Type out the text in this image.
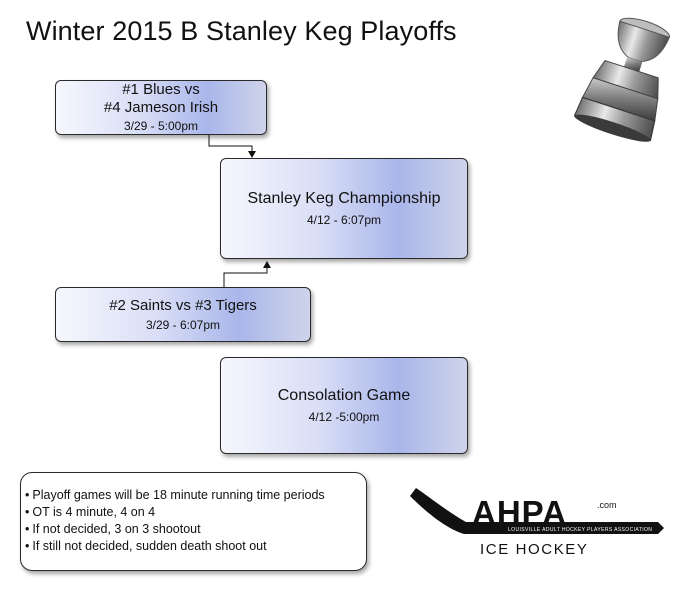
Winter 2015 B Stanley Keg Playoffs
#1 Blues vs
#4 Jameson Irish
3/29 - 5:00pm
Stanley Keg Championship
4/12 - 6:07pm
#2 Saints vs #3 Tigers
3/29 - 6:07pm
Consolation Game
4/12 -5:00pm
• Playoff games will be 18 minute running time periods
• OT is 4 minute, 4 on 4
• If not decided, 3 on 3 shootout
• If still not decided, sudden death shoot out
AHPA	.com
LOUISVILLE ADULT HOCKEY PLAYERS ASSOCIATION
ICE HOCKEY
